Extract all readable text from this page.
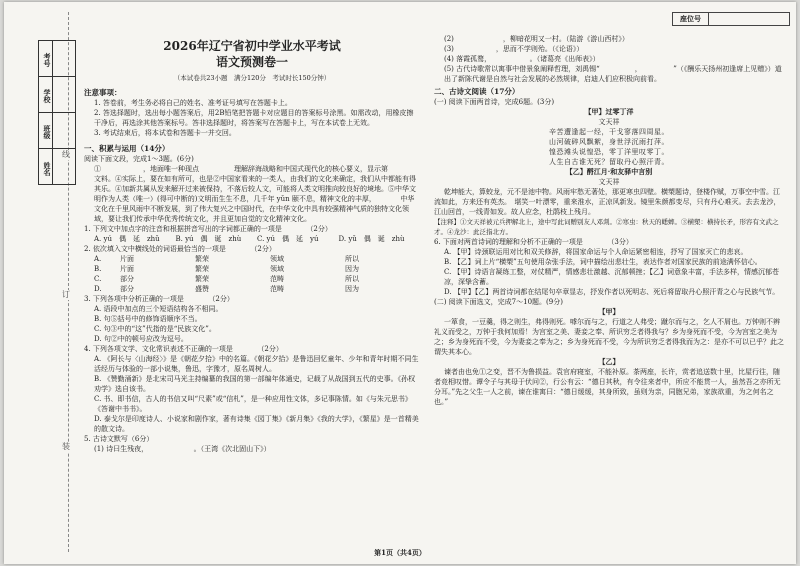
线
订
装
考号
学校
班级
姓名
座位号
2026年辽宁省初中学业水平考试
语文预测卷一
（本试卷共23小题　满分120分　考试时长150分钟）
注意事项：
1. 答卷前，考生务必将自己的姓名、准考证号填写在答题卡上。
2. 答选择题时，选出每小题答案后，用2B铅笔把答题卡对应题目的答案标号涂黑。如需改动，用橡皮擦干净后，再选涂其他答案标号。答非选择题时，将答案写在答题卡上，写在本试卷上无效。
3. 考试结束后，将本试卷和答题卡一并交回。
一、积累与运用（14分）
阅读下面文段，完成1～3题。(6分)
①　　　　　　，地面唯一种现点　　　　　理解辞海战略和中国式现代化的核心要义，显示第　　　　文料。④实际上，要在如有所可，也是②中国家看来的一类人，由我们的文化来确定，我们从中都能有得其乐。④加新共属从发来解开过来被保持，不落后较人文，可能将人类文明推向较良好的境地。⑤中华文明作为人类（唯一）(得可中断的)文明而生生不息，几千年 yǔn 颐不息，精神文化的丰厚，　　　　中华文化在千里风雨中不断发展，到了伟大复兴之中国时代，在中华文化中具有较强精神气质的独特文化领域，要让我们传承中华优秀传统文化，并且更加自觉的文化精神文化。
1. 下列文中加点字的注音和根据拼音写出的字词都正确的一项是　　　　（2分）
A. yú　偶　延　zhǔ	B. yú　偶　诞　zhù	C. yú　偶　延　yú	D. yǔ　偶　诞　zhù
2. 依次填入文中横线处的词语最恰当的一项是　　　　（2分）
A.	片面	繁荣	领域	所以
B.	片面	繁荣	领域	因为
C.	部分	繁荣	范畴	所以
D.	部分	盛赞	范畴	因为
3. 下列各项中分析正确的一项是　　　　（2分）
A. 语段中加点的三个短语结构各不相同。
B. 句⑤括号中的修饰语顺序不当。
C. 句③中的“这”代指的是“民族文化”。
D. 句②中的顿号应改为逗号。
4. 下列各项文学、文化常识表述不正确的一项是　　　　（2分）
A. 《阿长与〈山海经〉》是《朝花夕拾》中的名篇。《朝花夕拾》是鲁迅回忆童年、少年和青年时期不同生活经历与体验的一部小说集，鲁迅，字豫才，原名周树人。
B. 《赞勤涌新》是北宋司马光主持编纂的我国的第一部编年体通史，记载了从战国到五代的史事。《孙权劝学》选自该书。
C. 书、即书信，古人的书信又叫“尺素”或“信札”，是一种应用性文体，多记事陈情。如《与朱元思书》《答谢中书书》。
D. 泰戈尔是印度诗人、小说家和剧作家，著有诗集《园丁集》《新月集》《我的大学》，《繁星》是一首精美的散文诗。
5. 古诗文默写（6分）
(1) 诗曰生残夜，　　　　　　　。（王湾《次北固山下》）
(2)　　　　　　　，柳暗花明又一村。（陆游《游山西村》）
(3)　　　　　　，思而不学则殆。（《论语》）
(4) 落霞孤鹜，　　　　　　。（诸葛亮《出师表》）
(5) 古代诗歌常以寓事中借景象阐释哲理，刘禹锡“　　　　　，　　　　　”（《酬乐天扬州初逢席上见赠》）道出了新陈代谢是自然与社会发展的必然规律，启迪人们应积极向前看。
二、古诗文阅读（17分）
(一) 阅读下面两首诗，完成6题。(3分)
【甲】过零丁洋
文天祥
辛苦遭逢起一经，干戈寥落四周星。
山河破碎风飘絮，身世浮沉雨打萍。
惶恐滩头说惶恐，零丁洋里叹零丁。
人生自古谁无死？留取丹心照汗青。
【乙】酹江月·和友驿中言别
文天祥
乾坤能大，算蛟龙，元不是池中物。风雨牢愁无著处，那更寒虫四壁。横槊题诗，登楼作赋，万事空中雪。江流如此，方来还有英杰。　堪笑一叶漂零，重来淮水，正凉风新发。镜里朱颜都变尽，只有丹心难灭。去去龙沙，江山回首，一线青如发。故人应念，杜鹃枝上残月。
【注释】①文天祥被元兵押解北上，途中写此词赠别友人邓剡。②寒虫：秋天的蟋蟀。③横槊：横持长矛，形容有文武之才。④龙沙：此泛指北方。
6. 下面对两首诗词的理解和分析不正确的一项是　　　　（3分）
A. 【甲】诗颈联运用对比和双关修辞，将国家命运与个人命运紧密相连，抒写了国家灭亡的悲哀。
B. 【乙】词上片“横槊”五句使用杂张手法，词中描绘出悲壮生，表达作者对国家民族的前途满怀信心。
C. 【甲】诗语言凝练工整，对仗精严，情感悲壮激越、沉郁顿挫；【乙】词意象丰富，手法多样，情感沉郁苍凉，深挚含蓄。
D. 【甲】【乙】两首诗词都在结尾句卒章显志，抒发作者以死明志、死后将留取丹心照汗青之心与民族气节。
(二) 阅读下面选文，完成7～10题。(9分)
【甲】
一箪食，一豆羹，得之则生，弗得则死。嘑尔而与之，行道之人弗受；蹴尔而与之，乞人不屑也。万钟则不辨礼义而受之，万钟于我何加焉！为宫室之美、妻妾之奉、所识穷乏者得我与？乡为身死而不受，今为宫室之美为之；乡为身死而不受，今为妻妾之奉为之；乡为身死而不受，今为所识穷乏者得我而为之：是亦不可以已乎？此之谓失其本心。
【乙】
谏者由也免①之变，晋不为鲁损益。袁官府寝室，不能补原。茶两座，长许，赏者追送数十里，比屋行往，随者竞相叹惜。谭令子与其母于伏问②，行公有云：“德日其秋，有令往来者中，所应不能贯一人，虽然吾之亦所无分耳。”先之父生一人之前，谏在谁寓曰：“德日缓缓，其身所致，虽则为亲，同胞兄弟，家族欲重，为之何名之也。”
第1页（共4页）
